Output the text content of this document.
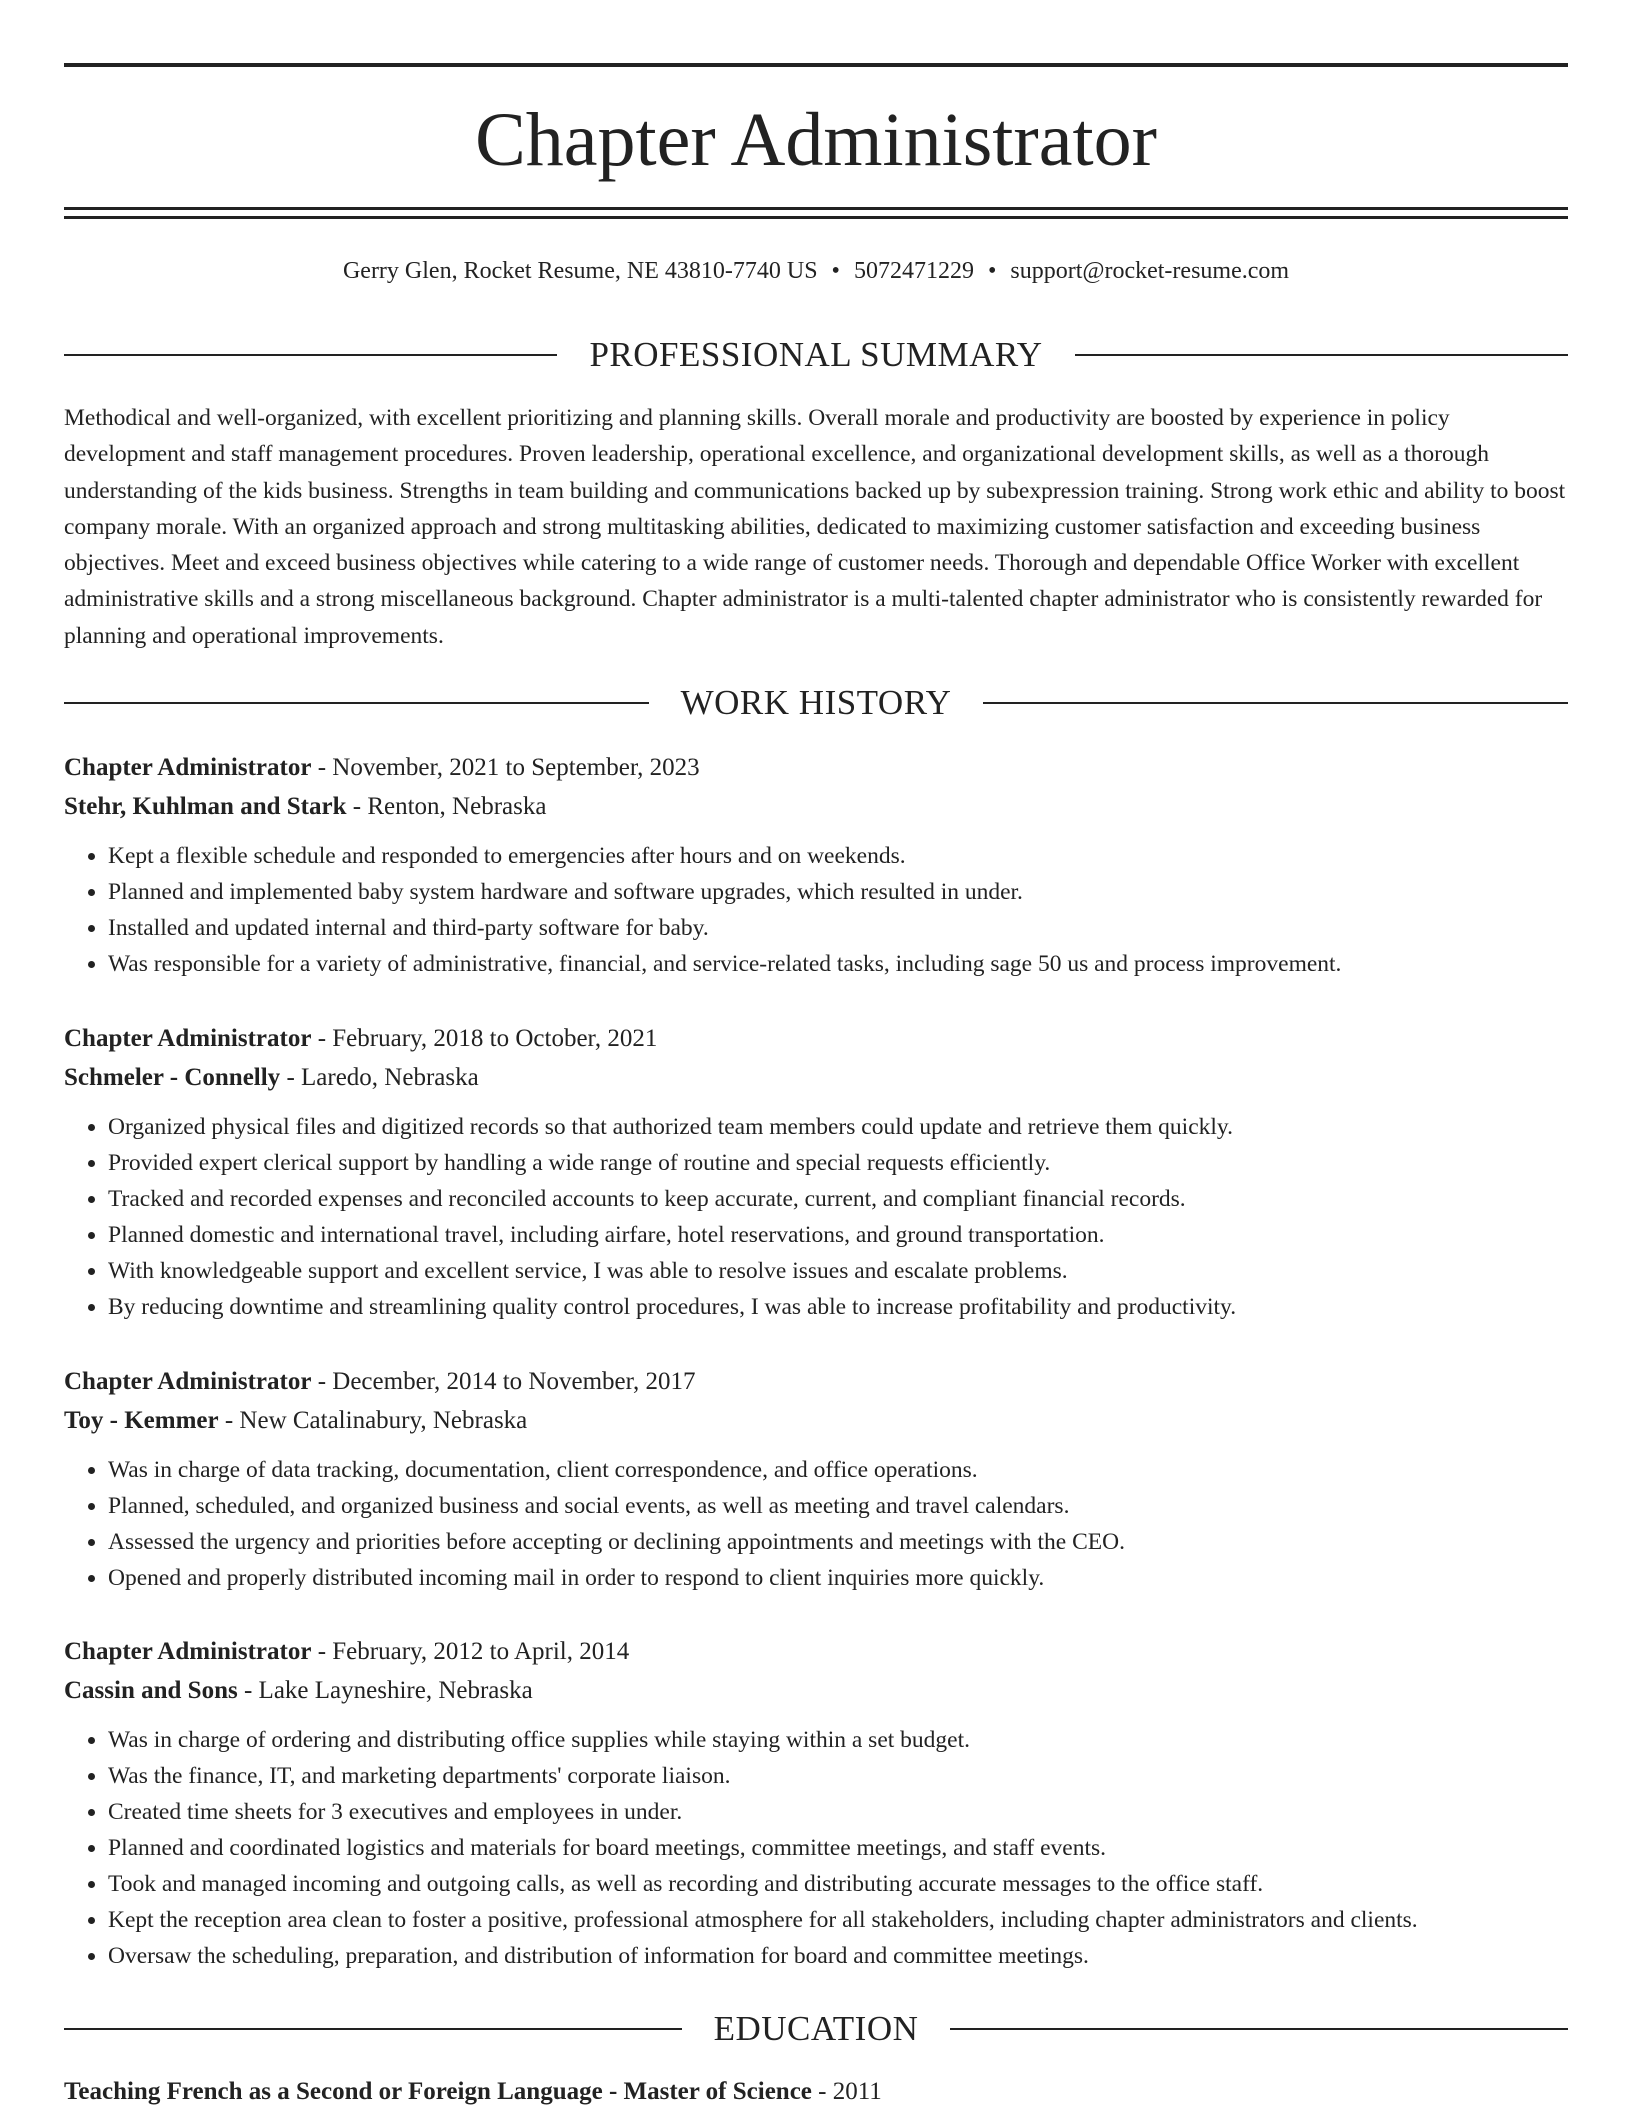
Chapter Administrator
Gerry Glen, Rocket Resume, NE 43810-7740 US • 5072471229 • support@rocket-resume.com
PROFESSIONAL SUMMARY

Methodical and well-organized, with excellent prioritizing and planning skills. Overall morale and productivity are boosted by experience in policy development and staff management procedures. Proven leadership, operational excellence, and organizational development skills, as well as a thorough understanding of the kids business. Strengths in team building and communications backed up by subexpression training. Strong work ethic and ability to boost company morale. With an organized approach and strong multitasking abilities, dedicated to maximizing customer satisfaction and exceeding business objectives. Meet and exceed business objectives while catering to a wide range of customer needs. Thorough and dependable Office Worker with excellent administrative skills and a strong miscellaneous background. Chapter administrator is a multi-talented chapter administrator who is consistently rewarded for planning and operational improvements.

WORK HISTORY
Chapter Administrator - November, 2021 to September, 2023
Stehr, Kuhlman and Stark - Renton, Nebraska
• Kept a flexible schedule and responded to emergencies after hours and on weekends.
• Planned and implemented baby system hardware and software upgrades, which resulted in under.
• Installed and updated internal and third-party software for baby.
• Was responsible for a variety of administrative, financial, and service-related tasks, including sage 50 us and process improvement.
Chapter Administrator - February, 2018 to October, 2021
Schmeler - Connelly - Laredo, Nebraska
• Organized physical files and digitized records so that authorized team members could update and retrieve them quickly.
• Provided expert clerical support by handling a wide range of routine and special requests efficiently.
• Tracked and recorded expenses and reconciled accounts to keep accurate, current, and compliant financial records.
• Planned domestic and international travel, including airfare, hotel reservations, and ground transportation.
• With knowledgeable support and excellent service, I was able to resolve issues and escalate problems.
• By reducing downtime and streamlining quality control procedures, I was able to increase profitability and productivity.
Chapter Administrator - December, 2014 to November, 2017
Toy - Kemmer - New Catalinabury, Nebraska
• Was in charge of data tracking, documentation, client correspondence, and office operations.
• Planned, scheduled, and organized business and social events, as well as meeting and travel calendars.
• Assessed the urgency and priorities before accepting or declining appointments and meetings with the CEO.
• Opened and properly distributed incoming mail in order to respond to client inquiries more quickly.
Chapter Administrator - February, 2012 to April, 2014
Cassin and Sons - Lake Layneshire, Nebraska
• Was in charge of ordering and distributing office supplies while staying within a set budget.
• Was the finance, IT, and marketing departments' corporate liaison.
• Created time sheets for 3 executives and employees in under.
• Planned and coordinated logistics and materials for board meetings, committee meetings, and staff events.
• Took and managed incoming and outgoing calls, as well as recording and distributing accurate messages to the office staff.
• Kept the reception area clean to foster a positive, professional atmosphere for all stakeholders, including chapter administrators and clients.
• Oversaw the scheduling, preparation, and distribution of information for board and committee meetings.
EDUCATION
Teaching French as a Second or Foreign Language - Master of Science - 2011
